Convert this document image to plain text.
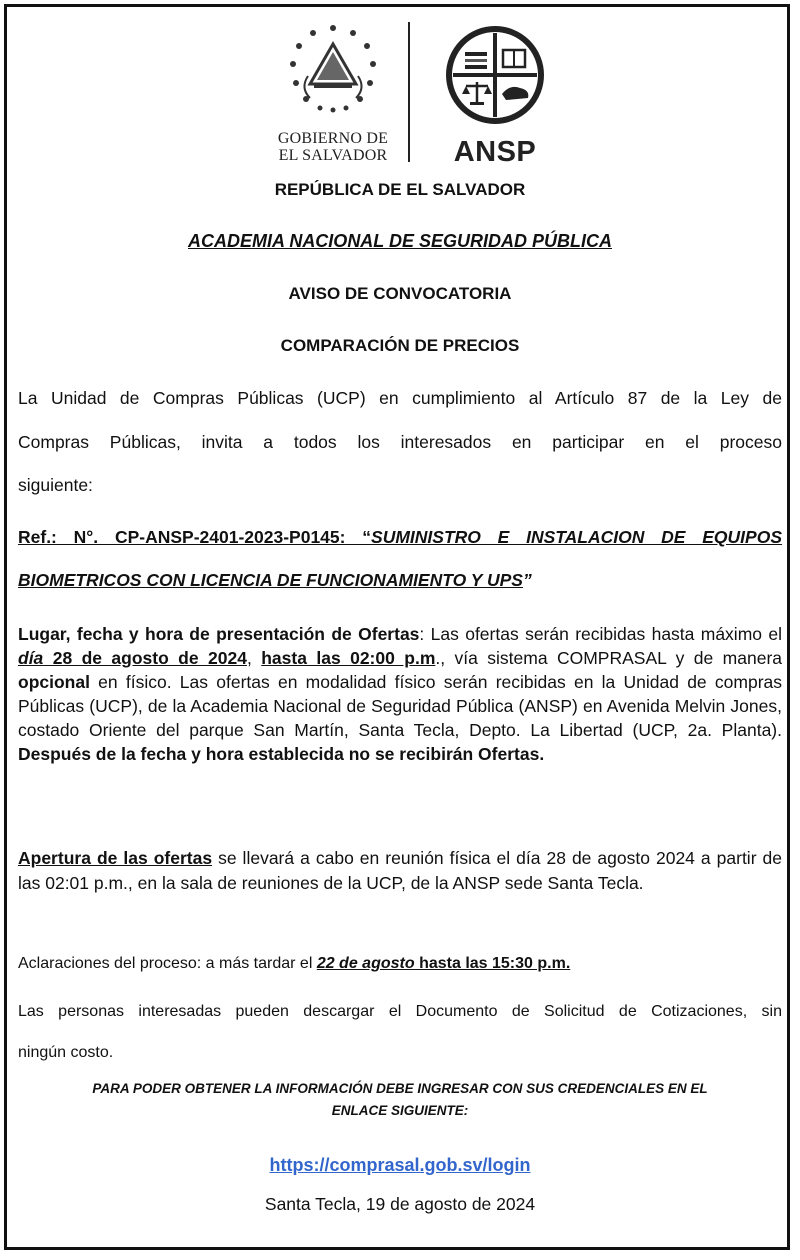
GOBIERNO DE
EL SALVADOR	ANSP
REPÚBLICA DE EL SALVADOR
ACADEMIA NACIONAL DE SEGURIDAD PÚBLICA
AVISO DE CONVOCATORIA
COMPARACIÓN DE PRECIOS
La Unidad de Compras Públicas (UCP) en cumplimiento al Artículo 87 de la Ley de
Compras Públicas, invita a todos los interesados en participar en el proceso
siguiente:
Ref.: N°. CP-ANSP-2401-2023-P0145: “SUMINISTRO E INSTALACION DE EQUIPOS
BIOMETRICOS CON LICENCIA DE FUNCIONAMIENTO Y UPS”
Lugar, fecha y hora de presentación de Ofertas: Las ofertas serán recibidas hasta máximo el día 28 de agosto de 2024, hasta las 02:00 p.m., vía sistema COMPRASAL y de manera opcional en físico. Las ofertas en modalidad físico serán recibidas en la Unidad de compras Públicas (UCP), de la Academia Nacional de Seguridad Pública (ANSP) en Avenida Melvin Jones, costado Oriente del parque San Martín, Santa Tecla, Depto. La Libertad (UCP, 2a. Planta). Después de la fecha y hora establecida no se recibirán Ofertas.
Apertura de las ofertas se llevará a cabo en reunión física el día 28 de agosto 2024 a partir de las 02:01 p.m., en la sala de reuniones de la UCP, de la ANSP sede Santa Tecla.
Aclaraciones del proceso: a más tardar el 22 de agosto hasta las 15:30 p.m.
Las personas interesadas pueden descargar el Documento de Solicitud de Cotizaciones, sin
ningún costo.
PARA PODER OBTENER LA INFORMACIÓN DEBE INGRESAR CON SUS CREDENCIALES EN EL
ENLACE SIGUIENTE:
https://comprasal.gob.sv/login
Santa Tecla, 19 de agosto de 2024
